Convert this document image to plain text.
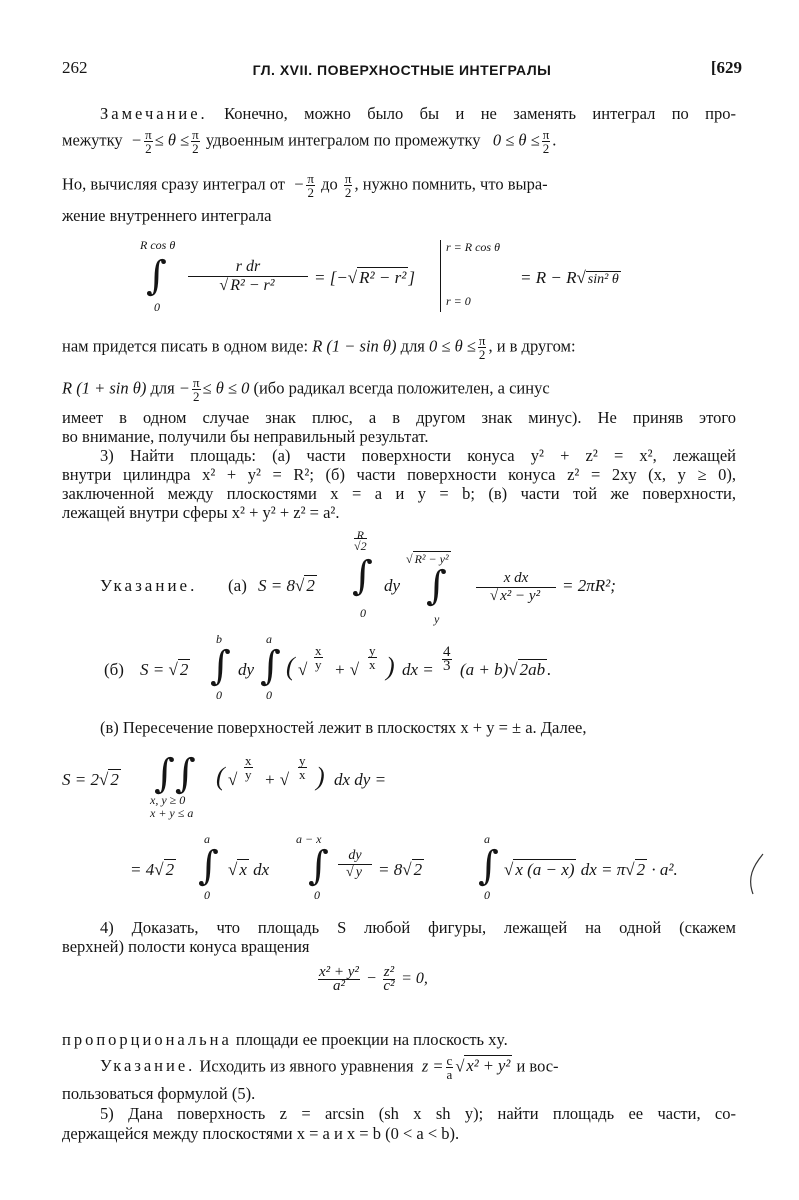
262	ГЛ. XVII. ПОВЕРХНОСТНЫЕ ИНТЕГРАЛЫ	[629
Замечание. Конечно, можно было бы и не заменять интеграл по про-
межутку  − $\frac{\pi}{2} \le \theta \le \frac{\pi}{2}$ удвоенным интегралом по промежутку   $0 \le \theta \le \frac{\pi}{2}$ .
Но, вычисляя сразу интеграл от  − $\frac{\pi}{2}$ до $\frac{\pi}{2}$ , нужно помнить, что выра-
жение внутреннего интеграла
R cos θ
∫
0
r dr
√ R² − r²	= [−√ R² − r² ]
r = R cos θ
r = 0
= R − R√ sin² θ
нам придется писать в одном виде: R (1 − sin θ) для $0 \le \theta \le \frac{\pi}{2}$ , и в другом:
R (1 + sin θ) для − $\frac{\pi}{2} \le \theta \le 0$ (ибо радикал всегда положителен, а синус
имеет в одном случае знак плюс, а в другом знак минус). Не приняв этого
во внимание, получили бы неправильный результат.
3) Найти площадь: (а) части поверхности конуса y² + z² = x², лежащей
внутри цилиндра x² + y² = R²; (б) части поверхности конуса z² = 2xy (x, y ≥ 0),
заключенной между плоскостями x = a и y = b; (в) части той же поверхности,
лежащей внутри сферы x² + y² + z² = a².
Указание. (а) S = 8√ 2
R
√2
∫
0
dy
√ R² − y²
∫
y
x dx
√ x² − y²
= 2πR²;
(б) S = √ 2
b
∫
0
dy
a
∫
0
( √
x
y + √
y
x ) dx =
4
3 (a + b)√ 2ab .
(в) Пересечение поверхностей лежит в плоскостях x + y = ± a. Далее,
S = 2√ 2 ∫∫
x, y ≥ 0
x + y ≤ a
( √
x
y + √
y
x ) dx dy =
= 4√ 2
a
∫
0
√ x dx
a − x
∫
0
dy
√ y = 8√ 2
a
∫
0
√ x (a − x) dx = π√ 2 · a².
4) Доказать, что площадь S любой фигуры, лежащей на одной (скажем
верхней) полости конуса вращения
$\frac{\text{x² + y²}}{\text{a²}} - \frac{\text{z²}}{\text{c²}} = 0$,
пропорциональна площади ее проекции на плоскость xy.
Указание. Исходить из явного уравнения  $z = \frac{c}{a}$ √ x² + y² и вос-
пользоваться формулой (5).
5) Дана поверхность z = arcsin (sh x sh y); найти площадь ее части, со-
держащейся между плоскостями x = a и x = b (0 < a < b).
